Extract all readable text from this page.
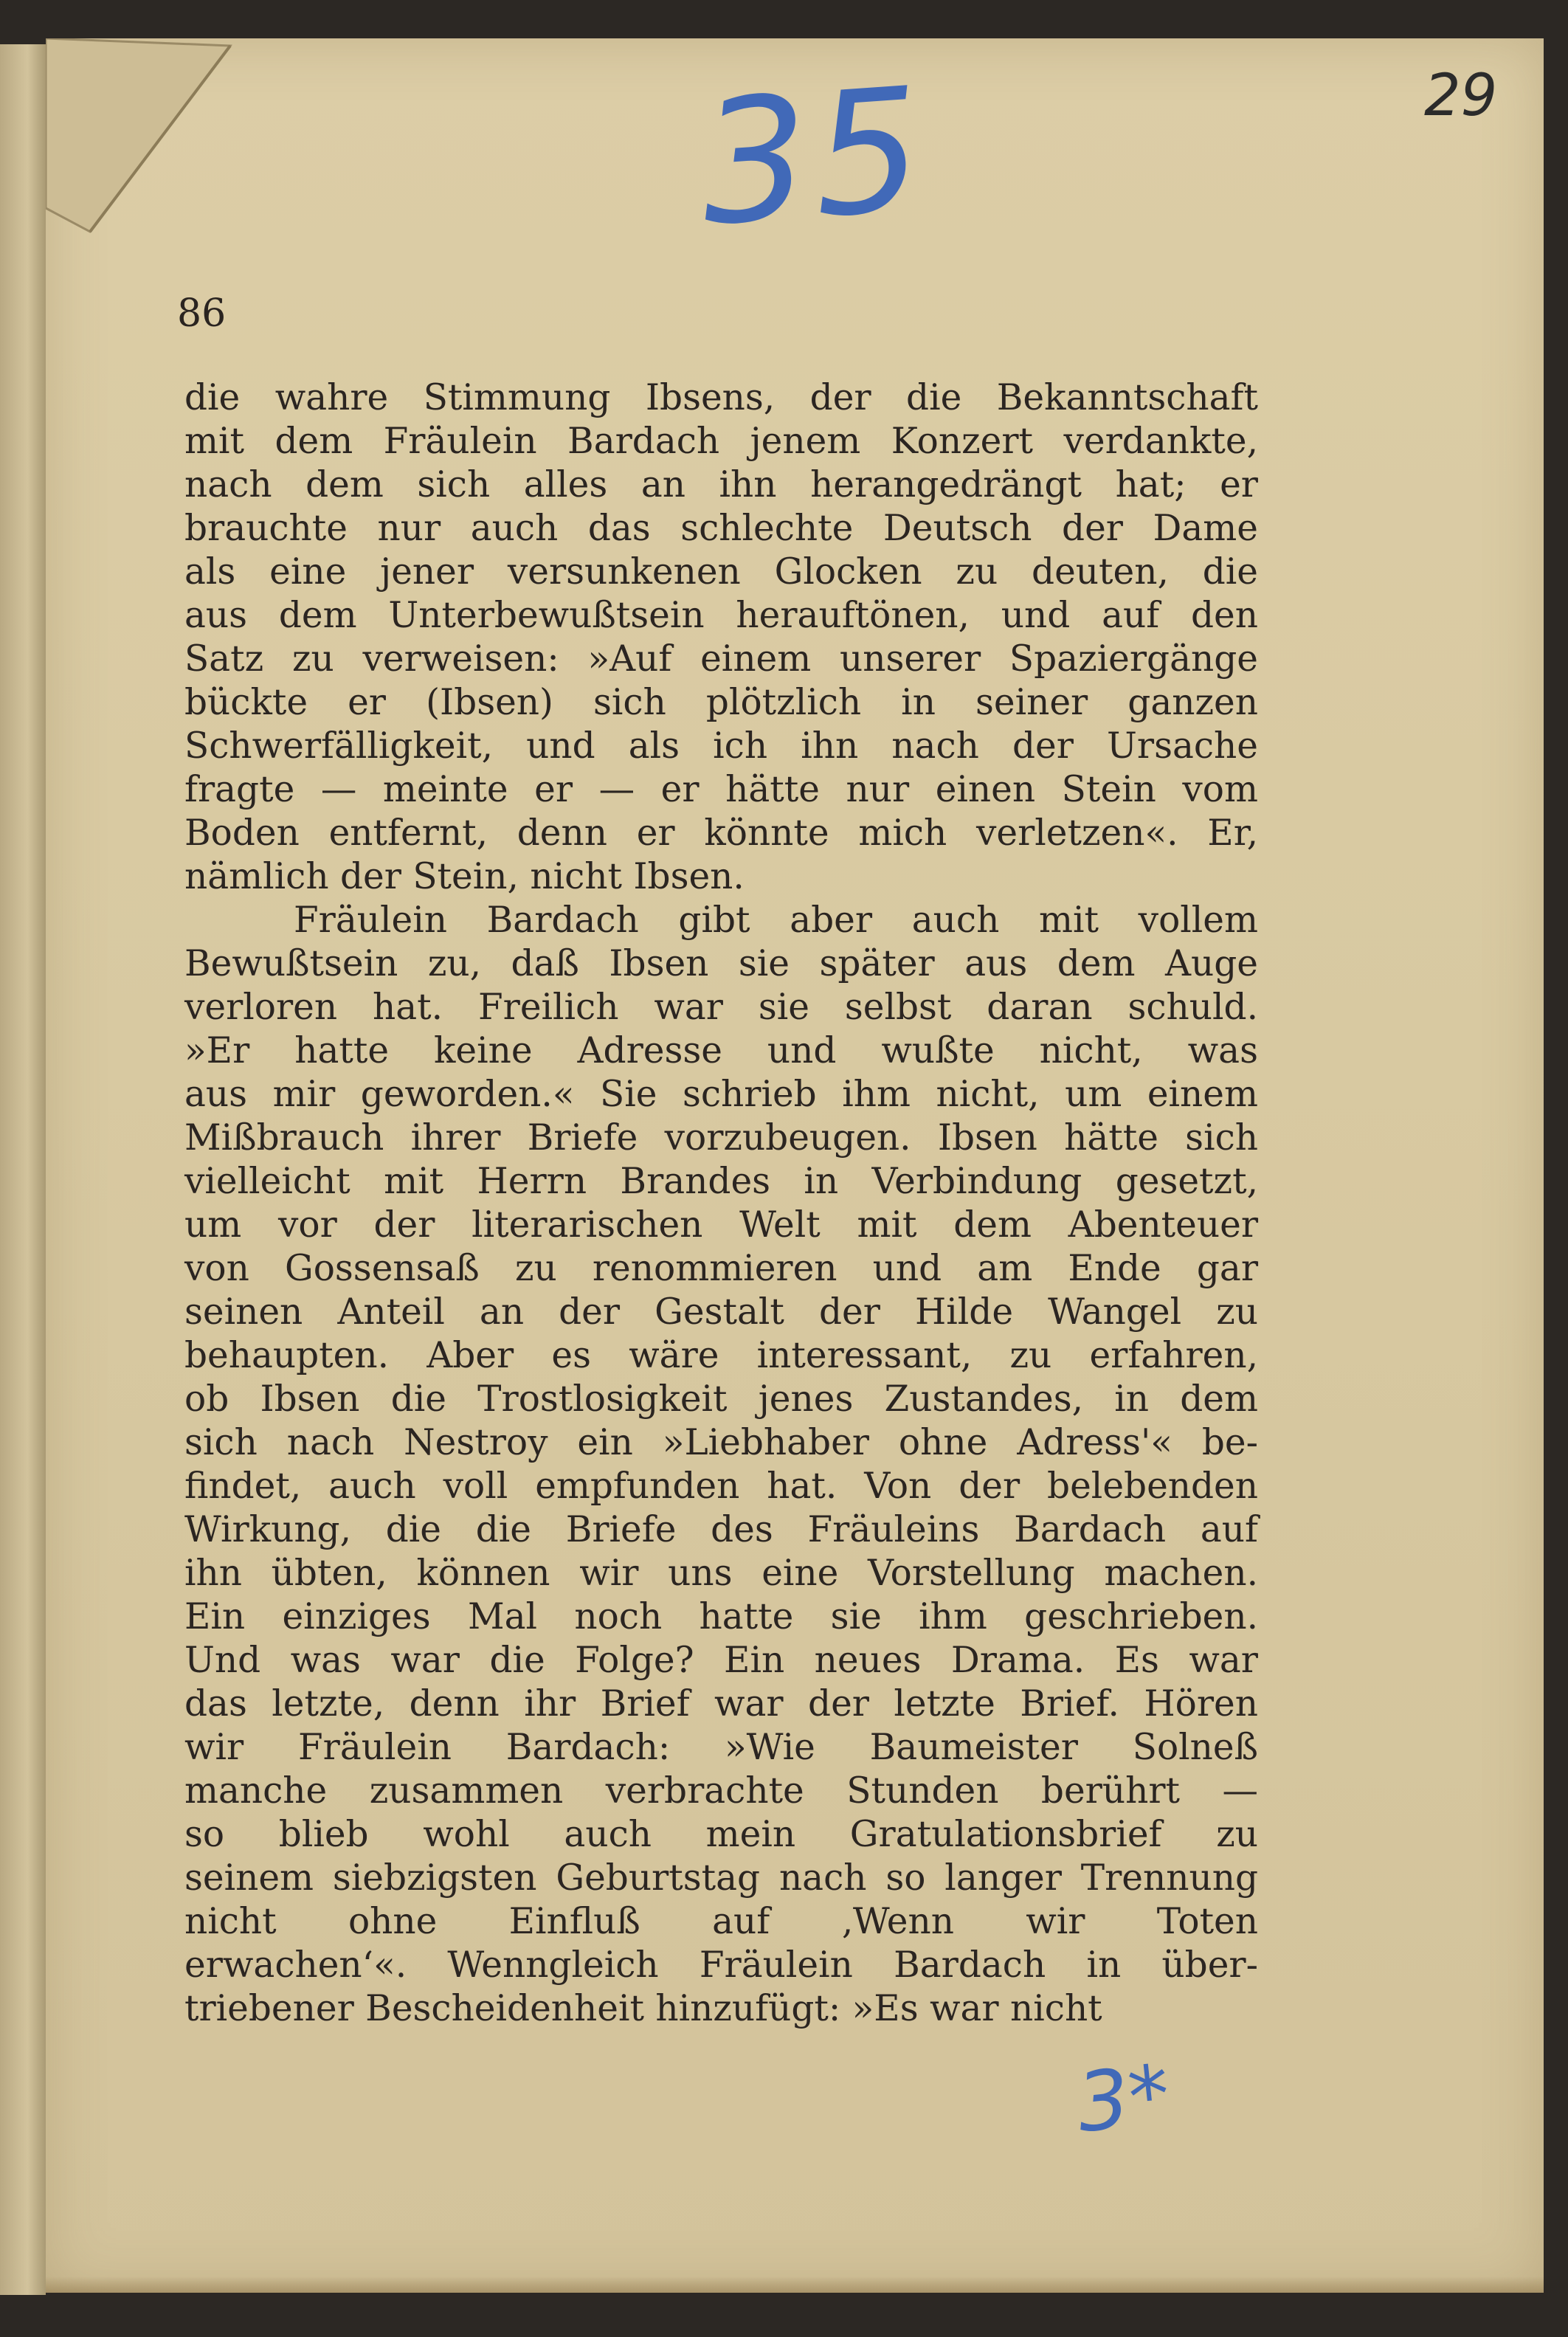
35	29
3*
86
die wahre Stimmung Ibsens, der die Bekanntschaft
mit dem Fräulein Bardach jenem Konzert verdankte,
nach dem sich alles an ihn herangedrängt hat; er
brauchte nur auch das schlechte Deutsch der Dame
als eine jener versunkenen Glocken zu deuten, die
aus dem Unterbewußtsein herauftönen, und auf den
Satz zu verweisen: »Auf einem unserer Spaziergänge
bückte er (Ibsen) sich plötzlich in seiner ganzen
Schwerfälligkeit, und als ich ihn nach der Ursache
fragte — meinte er — er hätte nur einen Stein vom
Boden entfernt, denn er könnte mich verletzen«. Er,
nämlich der Stein, nicht Ibsen.
Fräulein Bardach gibt aber auch mit vollem
Bewußtsein zu, daß Ibsen sie später aus dem Auge
verloren hat. Freilich war sie selbst daran schuld.
»Er hatte keine Adresse und wußte nicht, was
aus mir geworden.« Sie schrieb ihm nicht, um einem
Mißbrauch ihrer Briefe vorzubeugen. Ibsen hätte sich
vielleicht mit Herrn Brandes in Verbindung gesetzt,
um vor der literarischen Welt mit dem Abenteuer
von Gossensaß zu renommieren und am Ende gar
seinen Anteil an der Gestalt der Hilde Wangel zu
behaupten. Aber es wäre interessant, zu erfahren,
ob Ibsen die Trostlosigkeit jenes Zustandes, in dem
sich nach Nestroy ein »Liebhaber ohne Adress'« be-
findet, auch voll empfunden hat. Von der belebenden
Wirkung, die die Briefe des Fräuleins Bardach auf
ihn übten, können wir uns eine Vorstellung machen.
Ein einziges Mal noch hatte sie ihm geschrieben.
Und was war die Folge? Ein neues Drama. Es war
das letzte, denn ihr Brief war der letzte Brief. Hören
wir Fräulein Bardach: »Wie Baumeister Solneß
manche zusammen verbrachte Stunden berührt —
so blieb wohl auch mein Gratulationsbrief zu
seinem siebzigsten Geburtstag nach so langer Trennung
nicht ohne Einfluß auf ‚Wenn wir Toten
erwachen‘«. Wenngleich Fräulein Bardach in über-
triebener Bescheidenheit hinzufügt: »Es war nicht
